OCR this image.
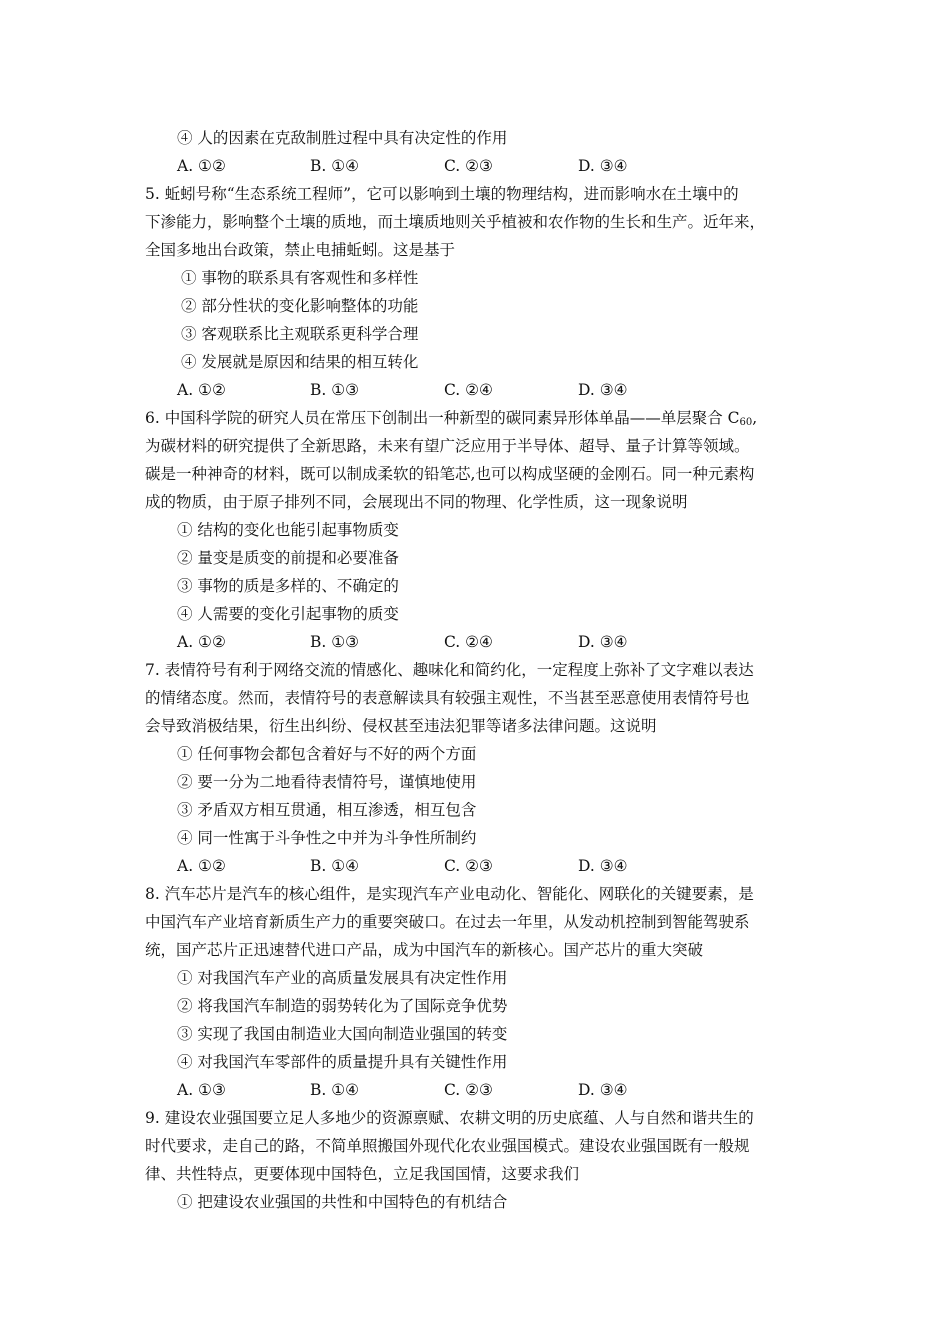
④ 人的因素在克敌制胜过程中具有决定性的作用
A. ①②	B. ①④	C. ②③	D. ③④
5. 蚯蚓号称“生态系统工程师”，它可以影响到土壤的物理结构，进而影响水在土壤中的
下渗能力，影响整个土壤的质地，而土壤质地则关乎植被和农作物的生长和生产。近年来，
全国多地出台政策，禁止电捕蚯蚓。这是基于
① 事物的联系具有客观性和多样性
② 部分性状的变化影响整体的功能
③ 客观联系比主观联系更科学合理
④ 发展就是原因和结果的相互转化
A. ①②	B. ①③	C. ②④	D. ③④
6. 中国科学院的研究人员在常压下创制出一种新型的碳同素异形体单晶——单层聚合 $C_{60}$,
为碳材料的研究提供了全新思路，未来有望广泛应用于半导体、超导、量子计算等领域。
碳是一种神奇的材料，既可以制成柔软的铅笔芯,也可以构成坚硬的金刚石。同一种元素构
成的物质，由于原子排列不同，会展现出不同的物理、化学性质，这一现象说明
① 结构的变化也能引起事物质变
② 量变是质变的前提和必要准备
③ 事物的质是多样的、不确定的
④ 人需要的变化引起事物的质变
A. ①②	B. ①③	C. ②④	D. ③④
7. 表情符号有利于网络交流的情感化、趣味化和简约化，一定程度上弥补了文字难以表达
的情绪态度。然而，表情符号的表意解读具有较强主观性，不当甚至恶意使用表情符号也
会导致消极结果，衍生出纠纷、侵权甚至违法犯罪等诸多法律问题。这说明
① 任何事物会都包含着好与不好的两个方面
② 要一分为二地看待表情符号，谨慎地使用
③ 矛盾双方相互贯通，相互渗透，相互包含
④ 同一性寓于斗争性之中并为斗争性所制约
A. ①②	B. ①④	C. ②③	D. ③④
8. 汽车芯片是汽车的核心组件，是实现汽车产业电动化、智能化、网联化的关键要素，是
中国汽车产业培育新质生产力的重要突破口。在过去一年里，从发动机控制到智能驾驶系
统，国产芯片正迅速替代进口产品，成为中国汽车的新核心。国产芯片的重大突破
① 对我国汽车产业的高质量发展具有决定性作用
② 将我国汽车制造的弱势转化为了国际竞争优势
③ 实现了我国由制造业大国向制造业强国的转变
④ 对我国汽车零部件的质量提升具有关键性作用
A. ①③	B. ①④	C. ②③	D. ③④
9. 建设农业强国要立足人多地少的资源禀赋、农耕文明的历史底蕴、人与自然和谐共生的
时代要求，走自己的路，不简单照搬国外现代化农业强国模式。建设农业强国既有一般规
律、共性特点，更要体现中国特色，立足我国国情，这要求我们
① 把建设农业强国的共性和中国特色的有机结合
